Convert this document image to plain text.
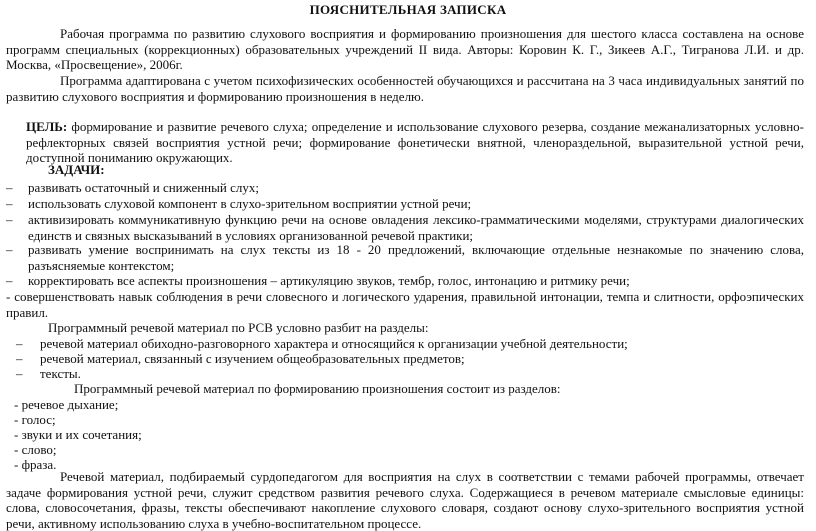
ПОЯСНИТЕЛЬНАЯ ЗАПИСКА
Рабочая программа по развитию слухового восприятия и формированию произношения для шестого класса составлена на основе программ специальных (коррекционных) образовательных учреждений II вида. Авторы: Коровин К. Г., Зикеев А.Г., Тигранова Л.И. и др. Москва, «Просвещение», 2006г.
Программа адаптирована с учетом психофизических особенностей обучающихся и рассчитана на 3 часа индивидуальных занятий по развитию слухового восприятия и формированию произношения в неделю.
ЦЕЛЬ: формирование и развитие речевого слуха; определение и использование слухового резерва, создание межанализаторных условно-рефлекторных связей восприятия устной речи; формирование фонетически внятной, членораздельной, выразительной устной речи, доступной пониманию окружающих.
ЗАДАЧИ:
– развивать остаточный и сниженный слух;
– использовать слуховой компонент в слухо-зрительном восприятии устной речи;
– активизировать коммуникативную функцию речи на основе овладения лексико-грамматическими моделями, структурами диалогических единств и связных высказываний в условиях организованной речевой практики;
– развивать умение воспринимать на слух тексты из 18 - 20 предложений, включающие отдельные незнакомые по значению слова, разъясняемые контекстом;
– корректировать все аспекты произношения – артикуляцию звуков, тембр, голос, интонацию и ритмику речи;
- совершенствовать навык соблюдения в речи словесного и логического ударения, правильной интонации, темпа и слитности, орфоэпических правил.
Программный речевой материал по РСВ условно разбит на разделы:
– речевой материал обиходно-разговорного характера и относящийся к организации учебной деятельности;
– речевой материал, связанный с изучением общеобразовательных предметов;
– тексты.
Программный речевой материал по формированию произношения состоит из разделов:
- речевое дыхание;
- голос;
- звуки и их сочетания;
- слово;
- фраза.
Речевой материал, подбираемый сурдопедагогом для восприятия на слух в соответствии с темами рабочей программы, отвечает задаче формирования устной речи, служит средством развития речевого слуха. Содержащиеся в речевом материале смысловые единицы: слова, словосочетания, фразы, тексты обеспечивают накопление слухового словаря, создают основу слухо-зрительного восприятия устной речи, активному использованию слуха в учебно-воспитательном процессе.
